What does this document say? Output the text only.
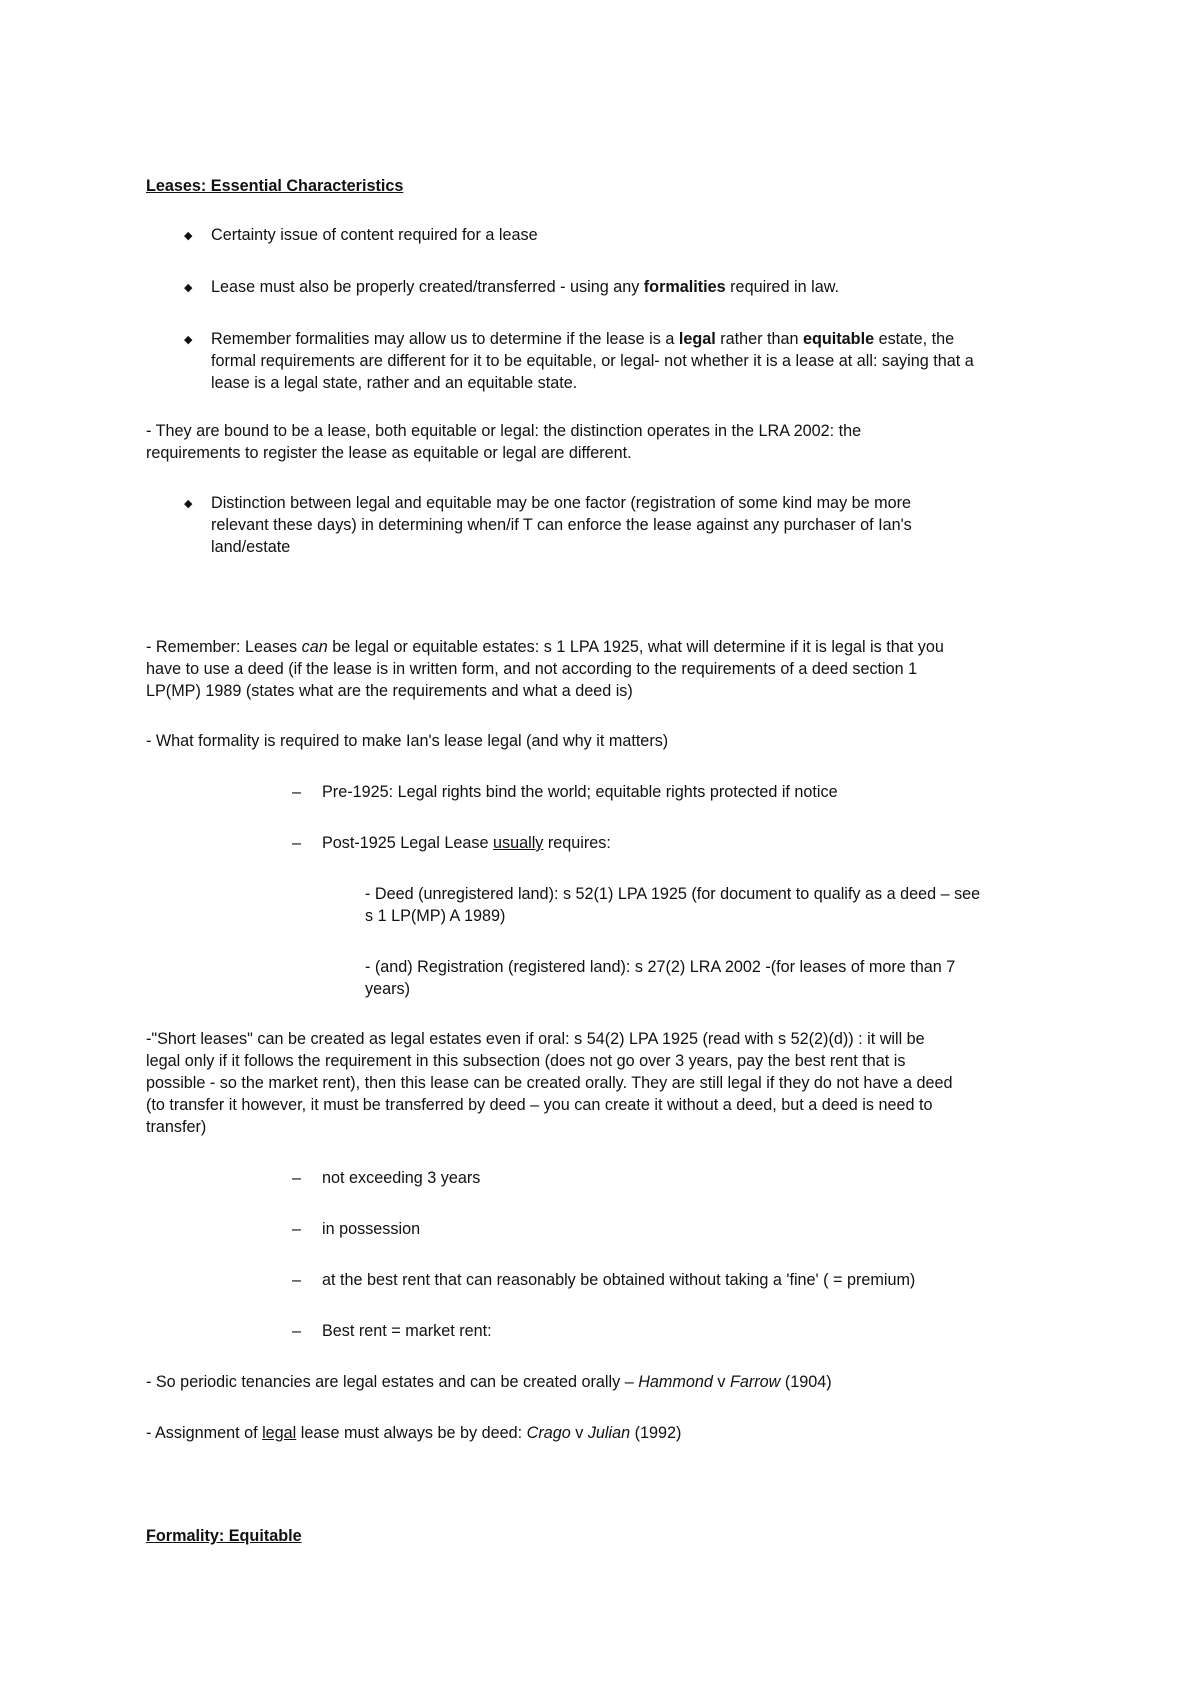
Leases: Essential Characteristics
◆ Certainty issue of content required for a lease
◆ Lease must also be properly created/transferred - using any formalities required in law.
◆ Remember formalities may allow us to determine if the lease is a legal rather than equitable estate, the
formal requirements are different for it to be equitable, or legal- not whether it is a lease at all: saying that a
lease is a legal state, rather and an equitable state.
- They are bound to be a lease, both equitable or legal: the distinction operates in the LRA 2002: the
requirements to register the lease as equitable or legal are different.
◆ Distinction between legal and equitable may be one factor (registration of some kind may be more
relevant these days) in determining when/if T can enforce the lease against any purchaser of Ian's
land/estate
- Remember: Leases can be legal or equitable estates: s 1 LPA 1925, what will determine if it is legal is that you
have to use a deed (if the lease is in written form, and not according to the requirements of a deed section 1
LP(MP) 1989 (states what are the requirements and what a deed is)
- What formality is required to make Ian's lease legal (and why it matters)
– Pre-1925: Legal rights bind the world; equitable rights protected if notice
– Post-1925 Legal Lease usually requires:
- Deed (unregistered land): s 52(1) LPA 1925 (for document to qualify as a deed – see
s 1 LP(MP) A 1989)
- (and) Registration (registered land): s 27(2) LRA 2002 -(for leases of more than 7
years)
-"Short leases" can be created as legal estates even if oral: s 54(2) LPA 1925 (read with s 52(2)(d)) : it will be
legal only if it follows the requirement in this subsection (does not go over 3 years, pay the best rent that is
possible - so the market rent), then this lease can be created orally. They are still legal if they do not have a deed
(to transfer it however, it must be transferred by deed – you can create it without a deed, but a deed is need to
transfer)
– not exceeding 3 years
– in possession
– at the best rent that can reasonably be obtained without taking a 'fine' ( = premium)
– Best rent = market rent:
- So periodic tenancies are legal estates and can be created orally – Hammond v Farrow (1904)
- Assignment of legal lease must always be by deed: Crago v Julian (1992)
Formality: Equitable
